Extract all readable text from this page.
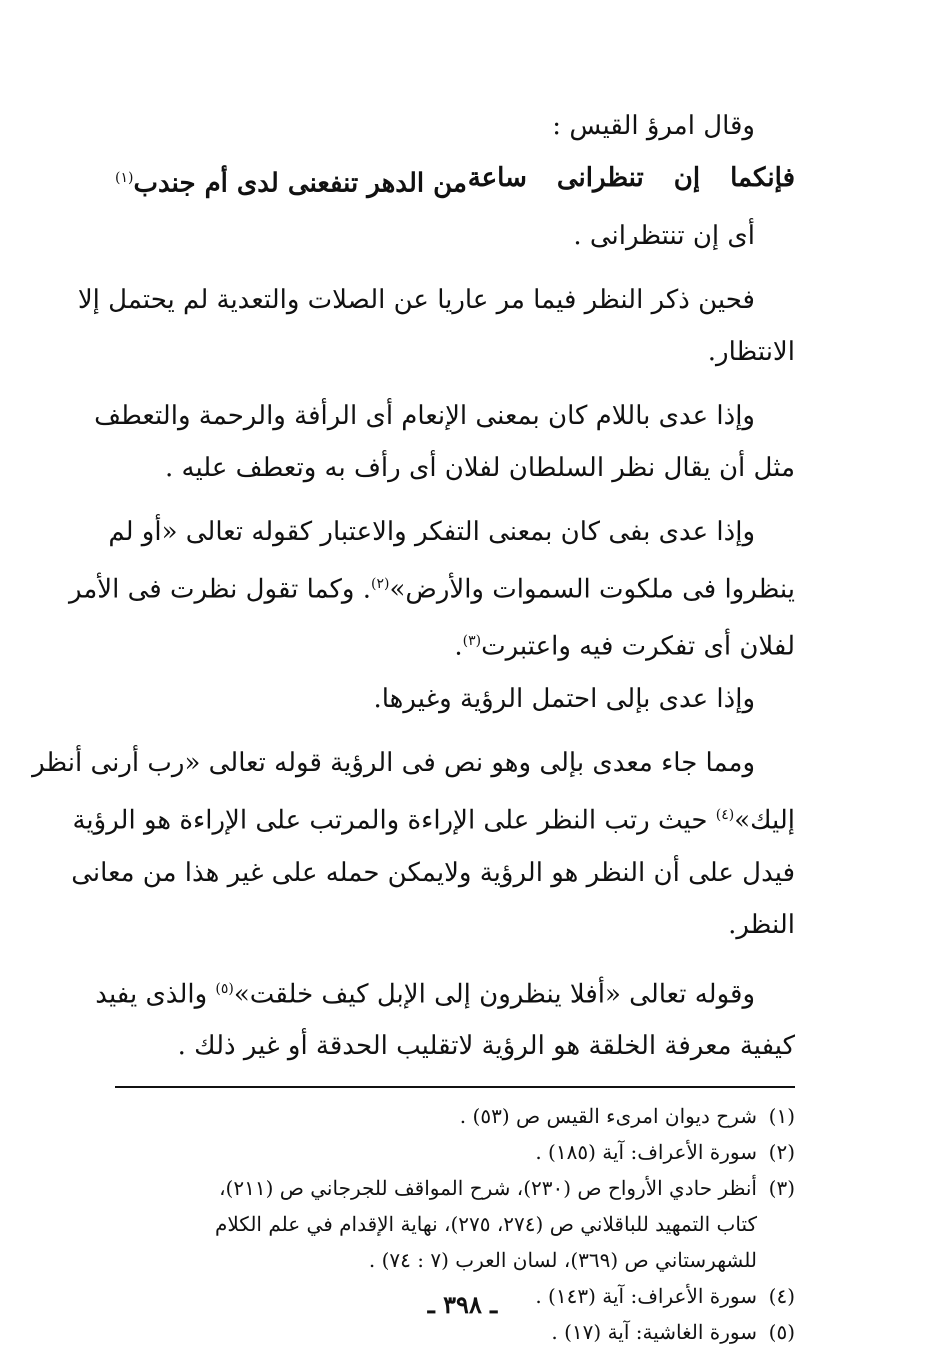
وقال امرؤ القيس :
فإنكما
إن
تنظرانى
ساعة
من الدهر تنفعنى لدى أم جندب$^{(١)}$
أى إن تنتظرانى .
فحين ذكر النظر فيما مر عاريا عن الصلات والتعدية لم يحتمل إلا
الانتظار.
وإذا عدى باللام كان بمعنى الإنعام أى الرأفة والرحمة والتعطف
مثل أن يقال نظر السلطان لفلان أى رأف به وتعطف عليه .
وإذا عدى بفى كان بمعنى التفكر والاعتبار كقوله تعالى «أو لم
ينظروا فى ملكوت السموات والأرض»$^{(٢)}$. وكما تقول نظرت فى الأمر
لفلان أى تفكرت فيه واعتبرت$^{(٣)}$.
وإذا عدى بإلى احتمل الرؤية وغيرها.
ومما جاء معدى بإلى وهو نص فى الرؤية قوله تعالى «رب أرنى أنظر
إليك»$^{(٤)}$ حيث رتب النظر على الإراءة والمرتب على الإراءة هو الرؤية
فيدل على أن النظر هو الرؤية ولايمكن حمله على غير هذا من معانى
النظر.
وقوله تعالى «أفلا ينظرون إلى الإبل كيف خلقت»$^{(٥)}$ والذى يفيد
كيفية معرفة الخلقة هو الرؤية لاتقليب الحدقة أو غير ذلك .
(١)شرح ديوان امرىء القيس ص (٥٣) .
(٢)سورة الأعراف: آية (١٨٥) .
(٣)أنظر حادي الأرواح ص (٢٣٠)، شرح المواقف للجرجاني ص (٢١١)،
كتاب التمهيد للباقلاني ص (٢٧٤، ٢٧٥)، نهاية الإقدام في علم الكلام
للشهرستاني ص (٣٦٩)، لسان العرب (٧ : ٧٤) .
(٤)سورة الأعراف: آية (١٤٣) .
(٥)سورة الغاشية: آية (١٧) .
ـ ٣٩٨ ـ
